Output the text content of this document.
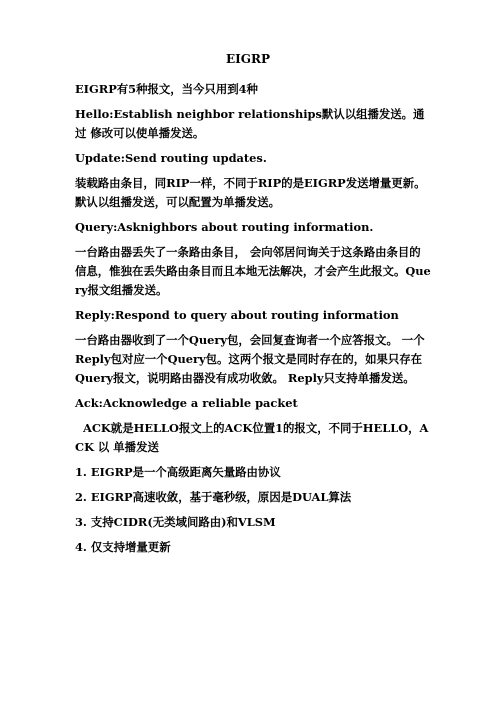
EIGRP

EIGRP有5种报文，当今只用到4种

Hello:Establish neighbor relationships默认以组播发送。通过 修改可以使单播发送。

Update:Send routing updates.

装载路由条目，同RIP一样，不同于RIP的是EIGRP发送增量更新。 默认以组播发送，可以配置为单播发送。

Query:Asknighbors about routing information.

一台路由器丢失了一条路由条目， 会向邻居问询关于这条路由条目的信息，惟独在丢失路由条目而且本地无法解决，才会产生此报文。Query报文组播发送。

Reply:Respond to query about routing information

一台路由器收到了一个Query包，会回复查询者一个应答报文。 一个Reply包对应一个Query包。这两个报文是同时存在的，如果只存在Query报文，说明路由器没有成功收敛。 Reply只支持单播发送。

Ack:Acknowledge a reliable packet

ACK就是HELLO报文上的ACK位置1的报文，不同于HELLO，ACK 以 单播发送

1. EIGRP是一个高级距离矢量路由协议

2. EIGRP高速收敛，基于毫秒级，原因是DUAL算法

3. 支持CIDR(无类域间路由)和VLSM

4. 仅支持增量更新
